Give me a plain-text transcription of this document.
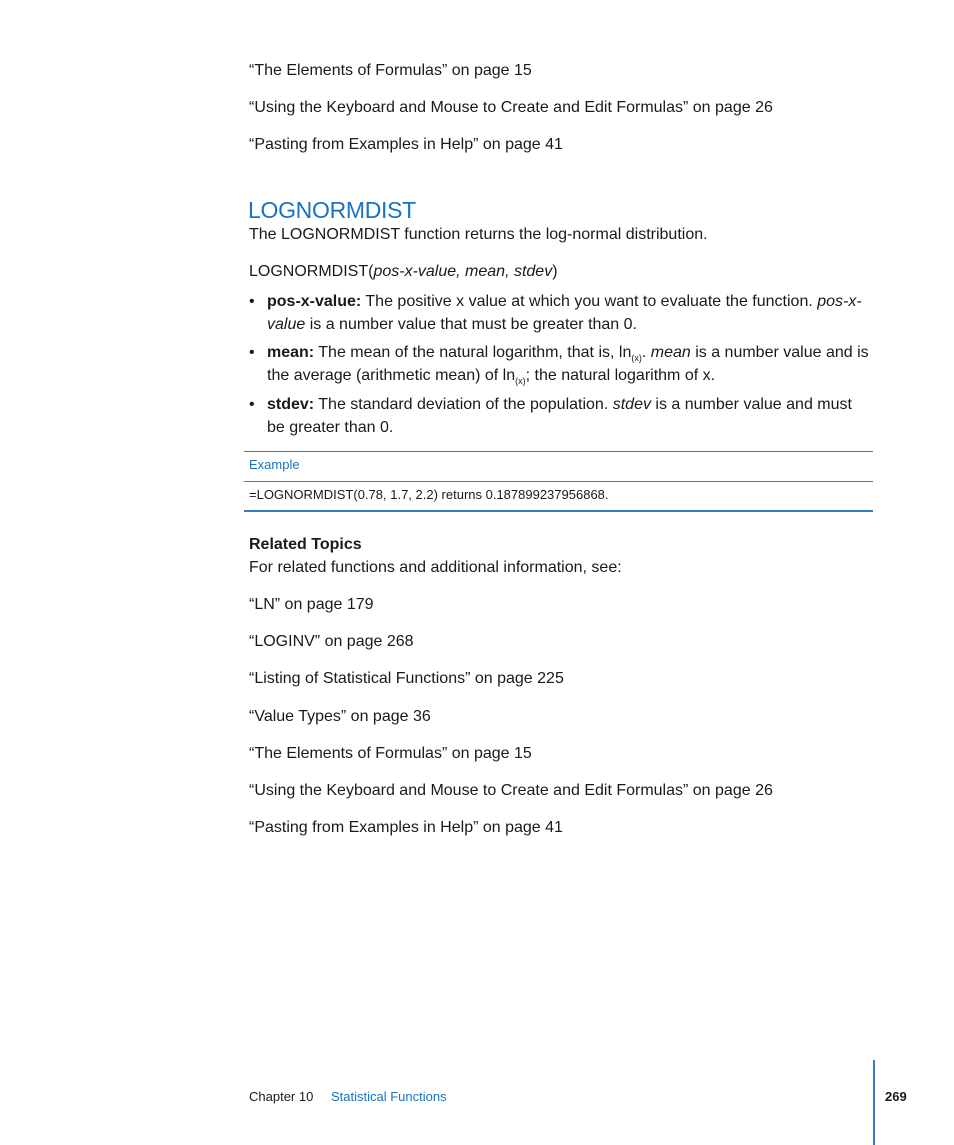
“The Elements of Formulas” on page 15
“Using the Keyboard and Mouse to Create and Edit Formulas” on page 26
“Pasting from Examples in Help” on page 41
LOGNORMDIST
The LOGNORMDIST function returns the log-normal distribution.
LOGNORMDIST(pos-x-value, mean, stdev)
• pos-x-value: The positive x value at which you want to evaluate the function. pos-x-value is a number value that must be greater than 0.
• mean: The mean of the natural logarithm, that is, $\ln_{(x)}$. mean is a number value and is the average (arithmetic mean) of $\ln_{(x)}$; the natural logarithm of x.
• stdev: The standard deviation of the population. stdev is a number value and must be greater than 0.
Example
=LOGNORMDIST(0.78, 1.7, 2.2) returns 0.187899237956868.
Related Topics
For related functions and additional information, see:
“LN” on page 179
“LOGINV” on page 268
“Listing of Statistical Functions” on page 225
“Value Types” on page 36
“The Elements of Formulas” on page 15
“Using the Keyboard and Mouse to Create and Edit Formulas” on page 26
“Pasting from Examples in Help” on page 41
Chapter 10 Statistical Functions	269
